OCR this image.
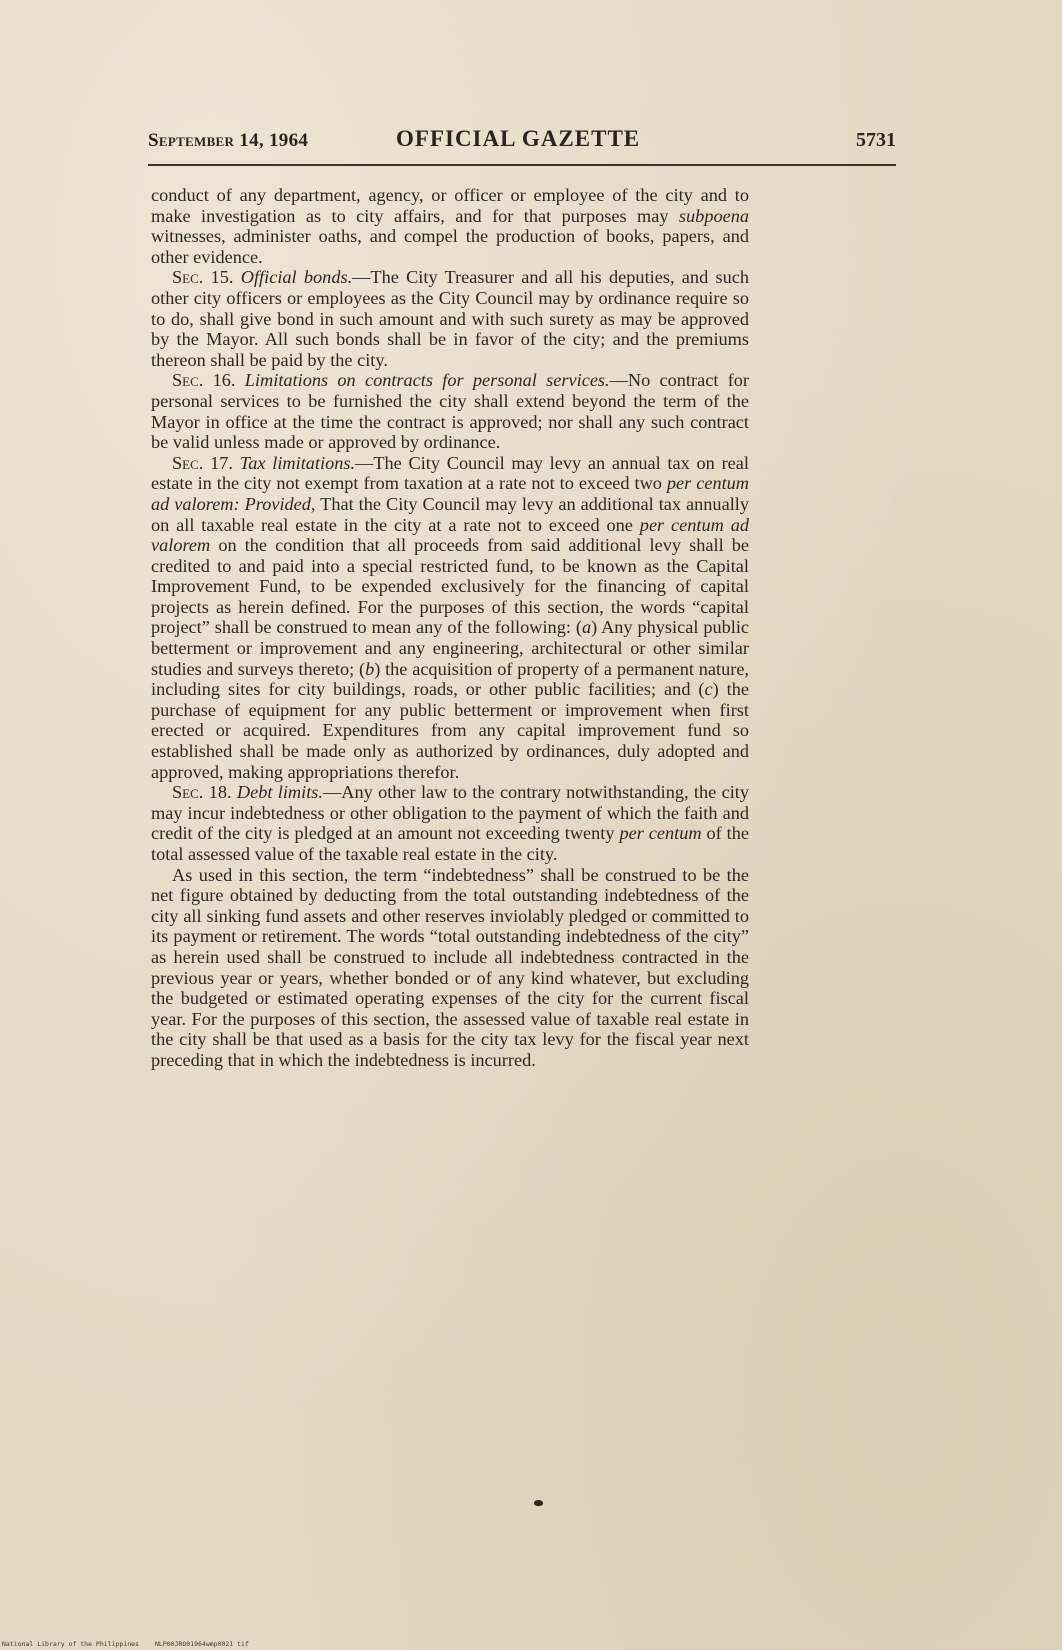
September 14, 1964	OFFICIAL GAZETTE	5731

conduct of any department, agency, or officer or employee of the city and to make investigation as to city affairs, and for that purposes may subpoena witnesses, administer oaths, and compel the production of books, papers, and other evidence.

Sec. 15. Official bonds.—The City Treasurer and all his deputies, and such other city officers or employees as the City Council may by ordinance require so to do, shall give bond in such amount and with such surety as may be approved by the Mayor. All such bonds shall be in favor of the city; and the premiums thereon shall be paid by the city.

Sec. 16. Limitations on contracts for personal services.—No contract for personal services to be furnished the city shall extend beyond the term of the Mayor in office at the time the contract is approved; nor shall any such contract be valid unless made or approved by ordinance.

Sec. 17. Tax limitations.—The City Council may levy an annual tax on real estate in the city not exempt from taxation at a rate not to exceed two per centum ad valorem: Provided, That the City Council may levy an additional tax annually on all taxable real estate in the city at a rate not to exceed one per centum ad valorem on the condition that all proceeds from said additional levy shall be credited to and paid into a special restricted fund, to be known as the Capital Improvement Fund, to be expended exclusively for the financing of capital projects as herein defined. For the purposes of this section, the words “capital project” shall be construed to mean any of the following: (a) Any physical public betterment or improvement and any engineering, architectural or other similar studies and surveys thereto; (b) the acquisition of property of a permanent nature, including sites for city buildings, roads, or other public facilities; and (c) the purchase of equipment for any public betterment or improvement when first erected or acquired. Expenditures from any capital improvement fund so established shall be made only as authorized by ordinances, duly adopted and approved, making appropriations therefor.

Sec. 18. Debt limits.—Any other law to the contrary notwithstanding, the city may incur indebtedness or other obligation to the payment of which the faith and credit of the city is pledged at an amount not exceeding twenty per centum of the total assessed value of the taxable real estate in the city.

As used in this section, the term “indebtedness” shall be construed to be the net figure obtained by deducting from the total outstanding indebtedness of the city all sinking fund assets and other reserves inviolably pledged or committed to its payment or retirement. The words “total outstanding indebtedness of the city” as herein used shall be construed to include all indebtedness contracted in the previous year or years, whether bonded or of any kind whatever, but excluding the budgeted or estimated operating expenses of the city for the current fiscal year. For the purposes of this section, the assessed value of taxable real estate in the city shall be that used as a basis for the city tax levy for the fiscal year next preceding that in which the indebtedness is incurred.

National Library of the Philippines NLP00JRO01964wmp0021 tif
